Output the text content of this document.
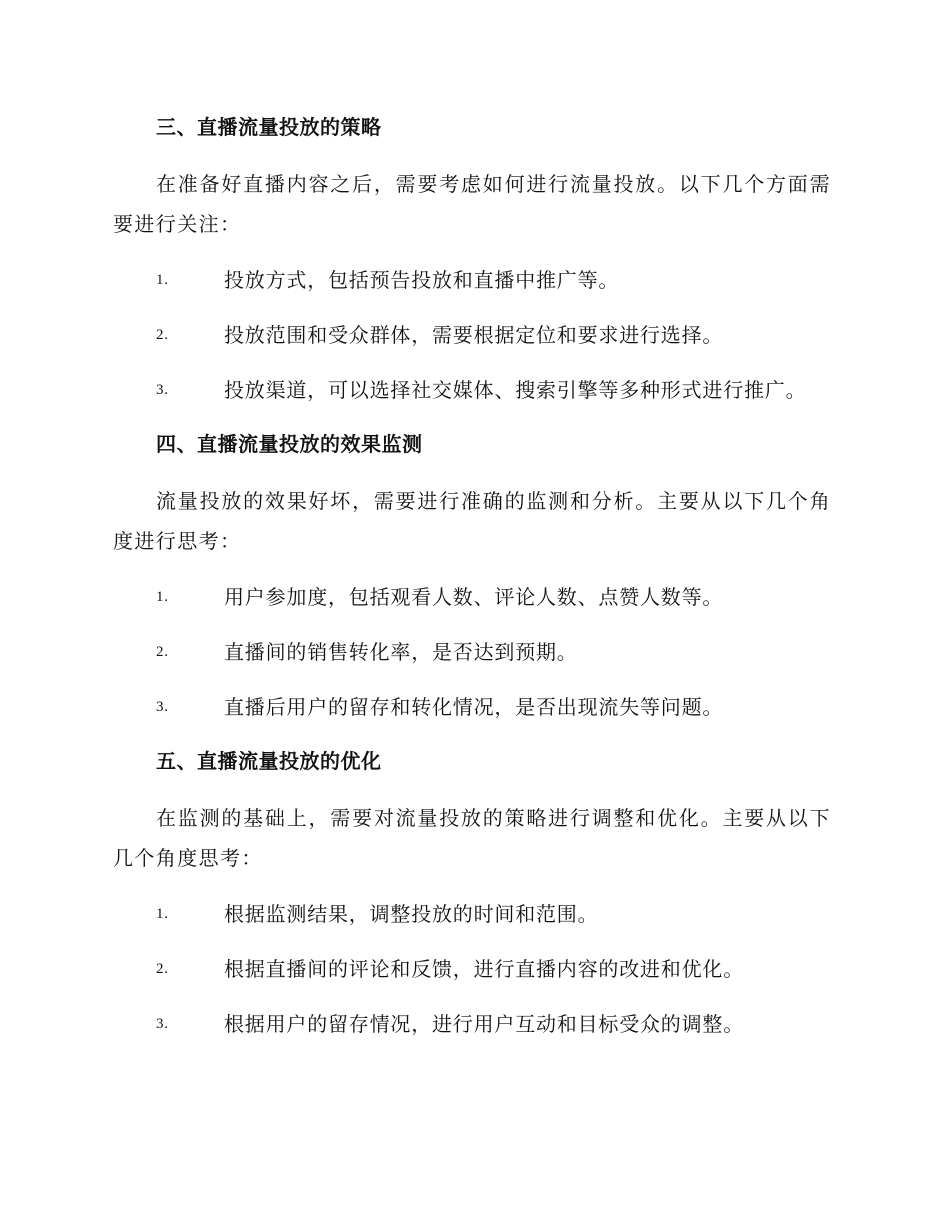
三、直播流量投放的策略

在准备好直播内容之后，需要考虑如何进行流量投放。以下几个方面需要进行关注：

1.	投放方式，包括预告投放和直播中推广等。
2.	投放范围和受众群体，需要根据定位和要求进行选择。
3.	投放渠道，可以选择社交媒体、搜索引擎等多种形式进行推广。
四、直播流量投放的效果监测

流量投放的效果好坏，需要进行准确的监测和分析。主要从以下几个角度进行思考：

1.	用户参加度，包括观看人数、评论人数、点赞人数等。
2.	直播间的销售转化率，是否达到预期。
3.	直播后用户的留存和转化情况，是否出现流失等问题。
五、直播流量投放的优化

在监测的基础上，需要对流量投放的策略进行调整和优化。主要从以下几个角度思考：

1.	根据监测结果，调整投放的时间和范围。
2.	根据直播间的评论和反馈，进行直播内容的改进和优化。
3.	根据用户的留存情况，进行用户互动和目标受众的调整。
